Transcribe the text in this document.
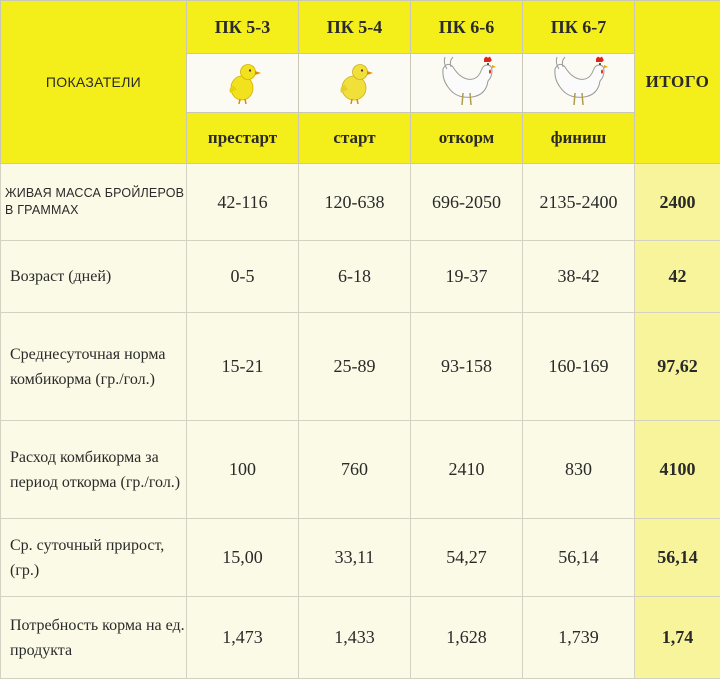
ПОКАЗАТЕЛИ	ПК 5-3	ПК 5-4	ПК 6-6	ПК 6-7	ИТОГО

	престарт	старт	откорм	финиш	
ЖИВАЯ МАССА БРОЙЛЕРОВ В ГРАММАХ	42-116	120-638	696-2050	2135-2400	2400
Возраст (дней)	0-5	6-18	19-37	38-42	42
Среднесуточная норма комбикорма (гр./гол.)	15-21	25-89	93-158	160-169	97,62
Расход комбикорма за период откорма (гр./гол.)	100	760	2410	830	4100
Ср. суточный прирост, (гр.)	15,00	33,11	54,27	56,14	56,14
Потребность корма на ед. продукта	1,473	1,433	1,628	1,739	1,74
